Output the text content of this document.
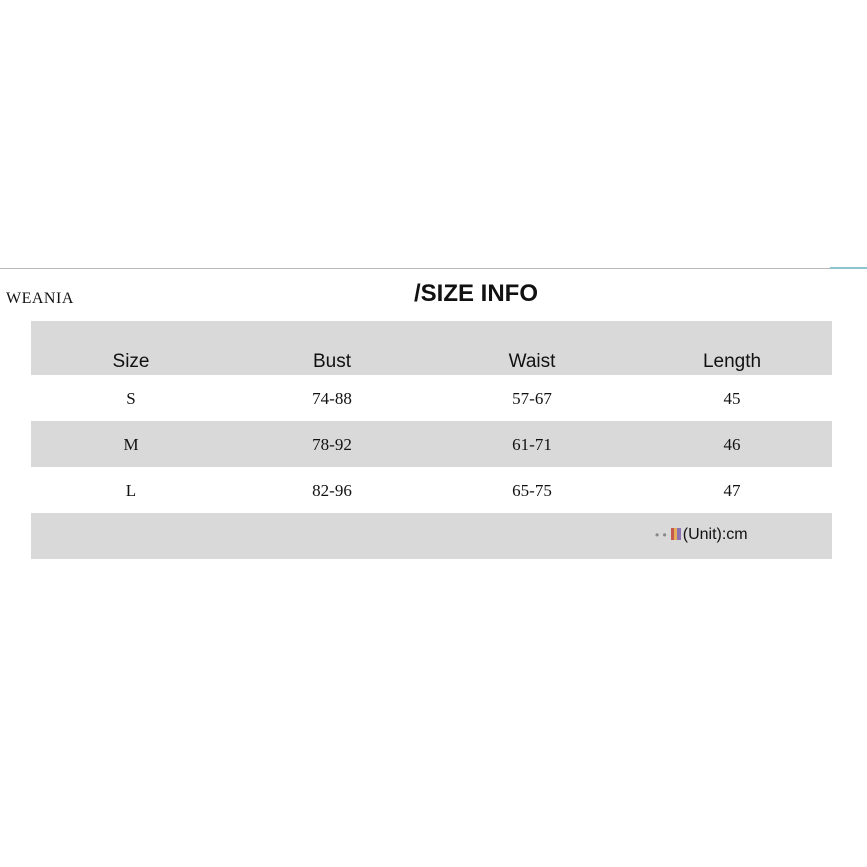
WEANIA	/SIZE INFO
Size	Bust	Waist	Length
S	74-88	57-67	45
M	78-92	61-71	46
L	82-96	65-75	47
• • (Unit):cm
